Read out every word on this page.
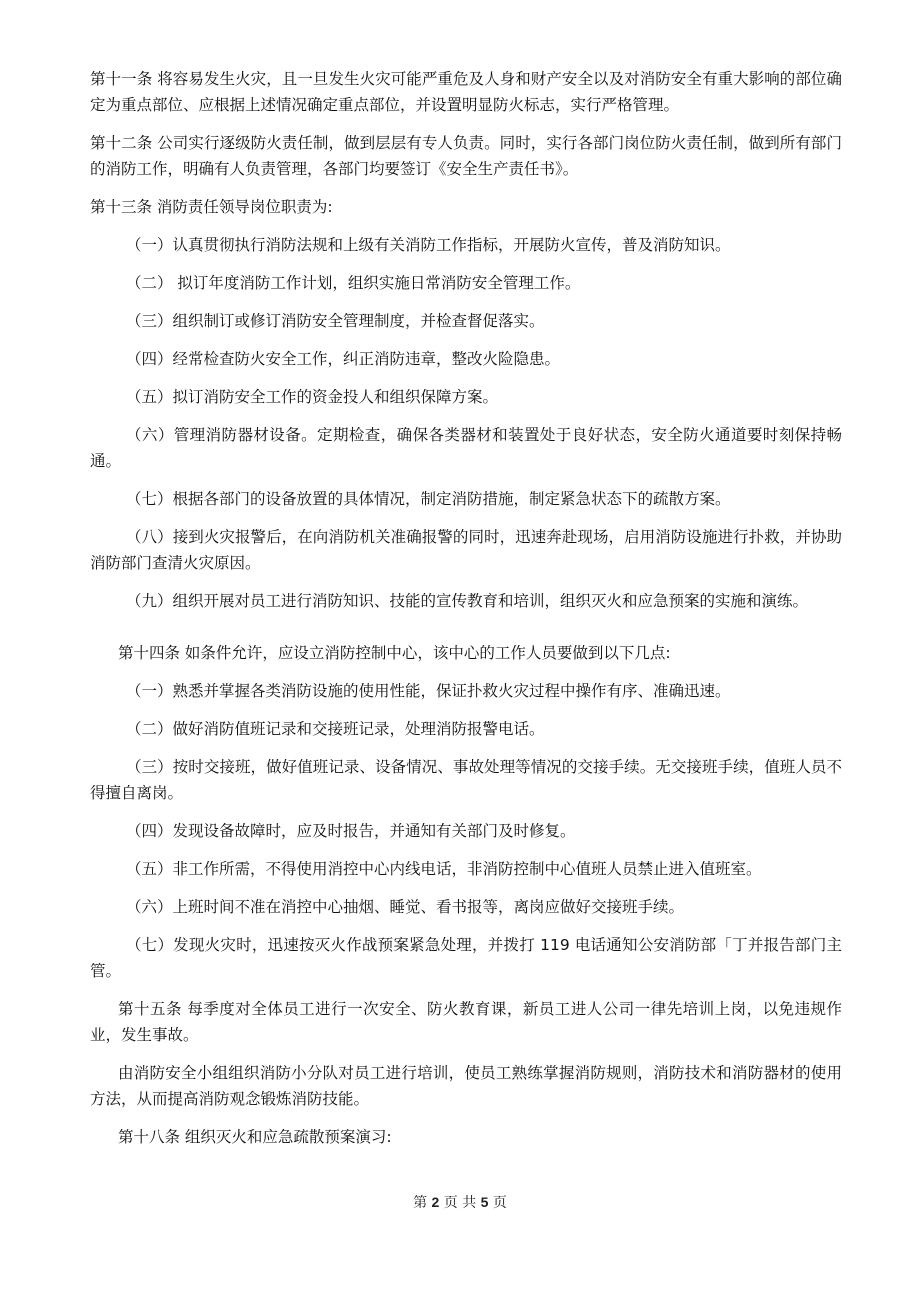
第十一条 将容易发生火灾，且一旦发生火灾可能严重危及人身和财产安全以及对消防安全有重大影响的部位确定为重点部位、应根据上述情况确定重点部位，并设置明显防火标志，实行严格管理。

第十二条 公司实行逐级防火责任制，做到层层有专人负责。同时，实行各部门岗位防火责任制，做到所有部门的消防工作，明确有人负责管理，各部门均要签订《安全生产责任书》。

第十三条 消防责任领导岗位职责为:

（一）认真贯彻执行消防法规和上级有关消防工作指标，开展防火宣传，普及消防知识。

（二） 拟订年度消防工作计划，组织实施日常消防安全管理工作。

（三）组织制订或修订消防安全管理制度，并检查督促落实。

（四）经常检查防火安全工作，纠正消防违章，整改火险隐患。

（五）拟订消防安全工作的资金投人和组织保障方案。

（六）管理消防器材设备。定期检查，确保各类器材和装置处于良好状态，安全防火通道要时刻保持畅通。

（七）根据各部门的设备放置的具体情况，制定消防措施，制定紧急状态下的疏散方案。

（八）接到火灾报警后，在向消防机关准确报警的同时，迅速奔赴现场，启用消防设施进行扑救，并协助消防部门查清火灾原因。

（九）组织开展对员工进行消防知识、技能的宣传教育和培训，组织灭火和应急预案的实施和演练。

第十四条 如条件允许，应设立消防控制中心，该中心的工作人员要做到以下几点:

（一）熟悉并掌握各类消防设施的使用性能，保证扑救火灾过程中操作有序、准确迅速。

（二）做好消防值班记录和交接班记录，处理消防报警电话。

（三）按时交接班，做好值班记录、设备情况、事故处理等情况的交接手续。无交接班手续，值班人员不得擅自离岗。

（四）发现设备故障时，应及时报告，并通知有关部门及时修复。

（五）非工作所需，不得使用消控中心内线电话，非消防控制中心值班人员禁止进入值班室。

（六）上班时间不准在消控中心抽烟、睡觉、看书报等，离岗应做好交接班手续。

（七）发现火灾时，迅速按灭火作战预案紧急处理，并拨打 119 电话通知公安消防部「丁并报告部门主管。

第十五条 每季度对全体员工进行一次安全、防火教育课，新员工进人公司一律先培训上岗，以免违规作业，发生事故。

由消防安全小组组织消防小分队对员工进行培训，使员工熟练掌握消防规则，消防技术和消防器材的使用方法，从而提高消防观念锻炼消防技能。

第十八条 组织灭火和应急疏散预案演习:

第 2 页 共 5 页
